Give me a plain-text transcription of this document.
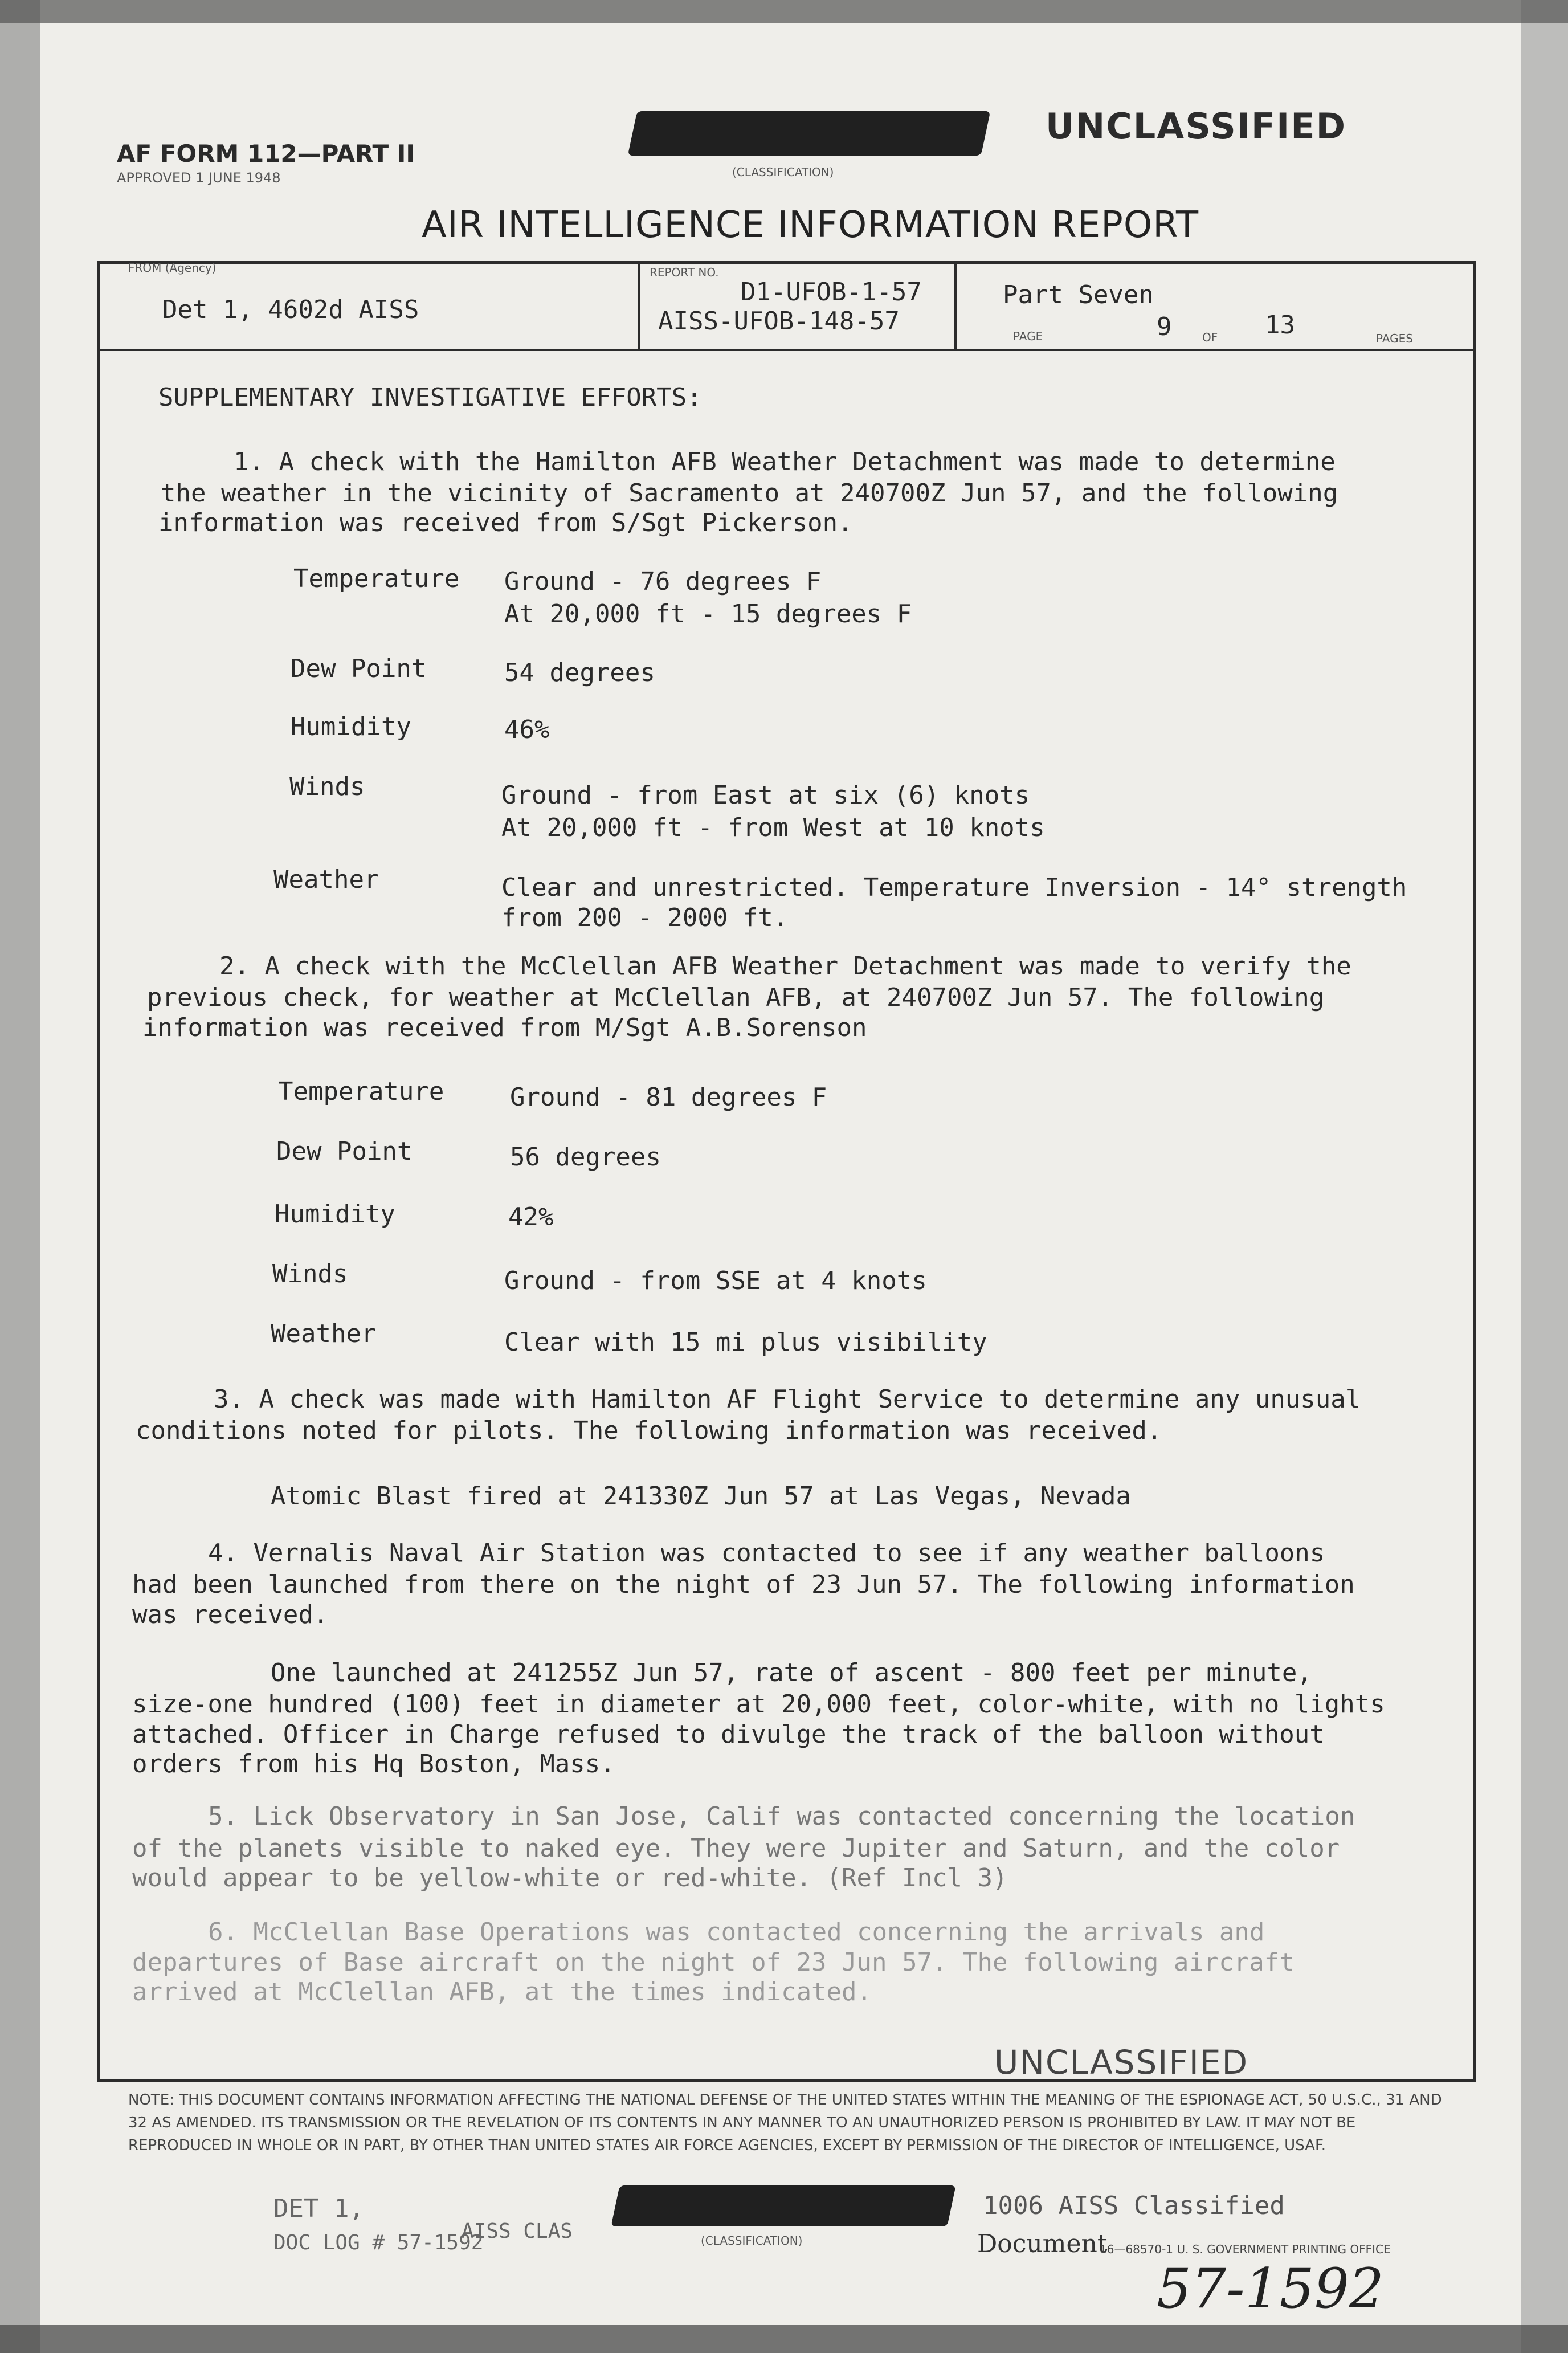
AF FORM 112—PART II
APPROVED 1 JUNE 1948	(CLASSIFICATION)
UNCLASSIFIED
AIR INTELLIGENCE INFORMATION REPORT
FROM (Agency)
Det 1, 4602d AISS
REPORT NO.
D1-UFOB-1-57
AISS-UFOB-148-57
Part Seven
PAGE	9	OF 13	PAGES
SUPPLEMENTARY INVESTIGATIVE EFFORTS:
1. A check with the Hamilton AFB Weather Detachment was made to determine
the weather in the vicinity of Sacramento at 240700Z Jun 57, and the following
information was received from S/Sgt Pickerson.
Temperature Ground - 76 degrees F
At 20,000 ft - 15 degrees F
Dew Point	54 degrees
Humidity	46%
Winds	Ground - from East at six (6) knots
At 20,000 ft - from West at 10 knots
Weather	Clear and unrestricted. Temperature Inversion - 14° strength
from 200 - 2000 ft.
2. A check with the McClellan AFB Weather Detachment was made to verify the
previous check, for weather at McClellan AFB, at 240700Z Jun 57. The following
information was received from M/Sgt A.B.Sorenson
Temperature	Ground - 81 degrees F
Dew Point	56 degrees
Humidity	42%
Winds	Ground - from SSE at 4 knots
Weather	Clear with 15 mi plus visibility
3. A check was made with Hamilton AF Flight Service to determine any unusual
conditions noted for pilots. The following information was received.
Atomic Blast fired at 241330Z Jun 57 at Las Vegas, Nevada
4. Vernalis Naval Air Station was contacted to see if any weather balloons
had been launched from there on the night of 23 Jun 57. The following information
was received.
One launched at 241255Z Jun 57, rate of ascent - 800 feet per minute,
size-one hundred (100) feet in diameter at 20,000 feet, color-white, with no lights
attached. Officer in Charge refused to divulge the track of the balloon without
orders from his Hq Boston, Mass.
5. Lick Observatory in San Jose, Calif was contacted concerning the location
of the planets visible to naked eye. They were Jupiter and Saturn, and the color
would appear to be yellow-white or red-white. (Ref Incl 3)
6. McClellan Base Operations was contacted concerning the arrivals and
departures of Base aircraft on the night of 23 Jun 57. The following aircraft
arrived at McClellan AFB, at the times indicated.
UNCLASSIFIED
NOTE: THIS DOCUMENT CONTAINS INFORMATION AFFECTING THE NATIONAL DEFENSE OF THE UNITED STATES WITHIN THE MEANING OF THE ESPIONAGE ACT, 50 U.S.C., 31 AND 32 AS AMENDED. ITS TRANSMISSION OR THE REVELATION OF ITS CONTENTS IN ANY MANNER TO AN UNAUTHORIZED PERSON IS PROHIBITED BY LAW. IT MAY NOT BE REPRODUCED IN WHOLE OR IN PART, BY OTHER THAN UNITED STATES AIR FORCE AGENCIES, EXCEPT BY PERMISSION OF THE DIRECTOR OF INTELLIGENCE, USAF.
DET 1,
AISS CLAS
DOC LOG # 57-1592	(CLASSIFICATION)
1006 AISS Classified
Document
16—68570-1 U. S. GOVERNMENT PRINTING OFFICE
57-1592
